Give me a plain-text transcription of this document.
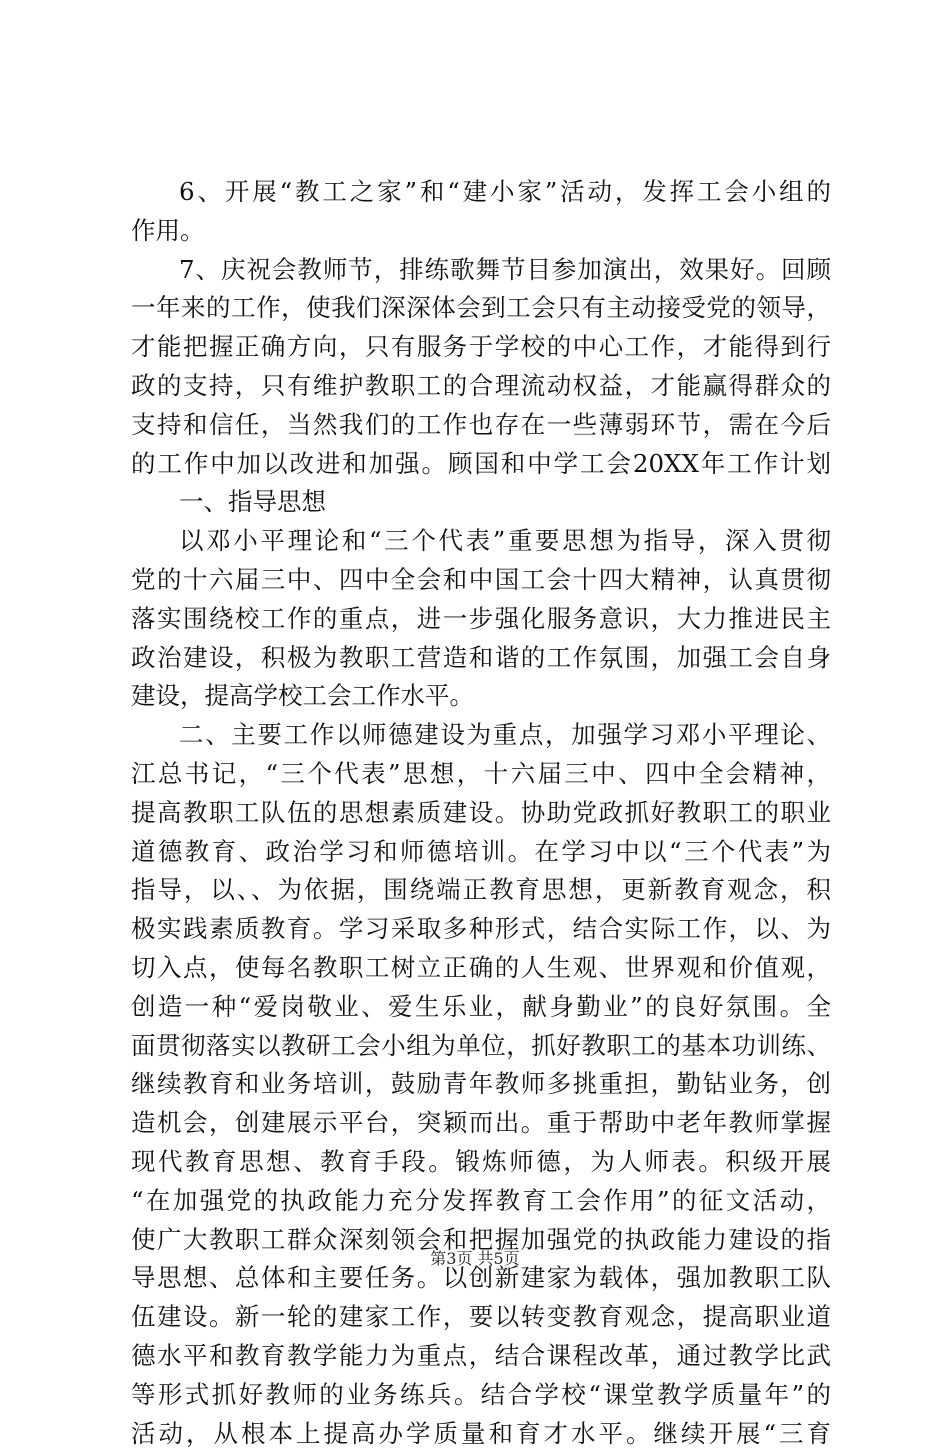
6、开展“教工之家”和“建小家”活动，发挥工会小组的
作用。
7、庆祝会教师节，排练歌舞节目参加演出，效果好。回顾
一年来的工作，使我们深深体会到工会只有主动接受党的领导，
才能把握正确方向，只有服务于学校的中心工作，才能得到行
政的支持，只有维护教职工的合理流动权益，才能赢得群众的
支持和信任，当然我们的工作也存在一些薄弱环节，需在今后
的工作中加以改进和加强。顾国和中学工会20XX年工作计划
一、指导思想
以邓小平理论和“三个代表”重要思想为指导，深入贯彻
党的十六届三中、四中全会和中国工会十四大精神，认真贯彻
落实围绕校工作的重点，进一步强化服务意识，大力推进民主
政治建设，积极为教职工营造和谐的工作氛围，加强工会自身
建设，提高学校工会工作水平。
二、主要工作以师德建设为重点，加强学习邓小平理论、
江总书记，“三个代表”思想，十六届三中、四中全会精神，
提高教职工队伍的思想素质建设。协助党政抓好教职工的职业
道德教育、政治学习和师德培训。在学习中以“三个代表”为
指导，以、、为依据，围绕端正教育思想，更新教育观念，积
极实践素质教育。学习采取多种形式，结合实际工作，以、为
切入点，使每名教职工树立正确的人生观、世界观和价值观，
创造一种“爱岗敬业、爱生乐业，献身勤业”的良好氛围。全
面贯彻落实以教研工会小组为单位，抓好教职工的基本功训练、
继续教育和业务培训，鼓励青年教师多挑重担，勤钻业务，创
造机会，创建展示平台，突颖而出。重于帮助中老年教师掌握
现代教育思想、教育手段。锻炼师德，为人师表。积级开展
“在加强党的执政能力充分发挥教育工会作用”的征文活动，
使广大教职工群众深刻领会和把握加强党的执政能力建设的指
导思想、总体和主要任务。以创新建家为载体，强加教职工队
伍建设。新一轮的建家工作，要以转变教育观念，提高职业道
德水平和教育教学能力为重点，结合课程改革，通过教学比武
等形式抓好教师的业务练兵。结合学校“课堂教学质量年”的
活动，从根本上提高办学质量和育才水平。继续开展“三育
第3页 共5页
